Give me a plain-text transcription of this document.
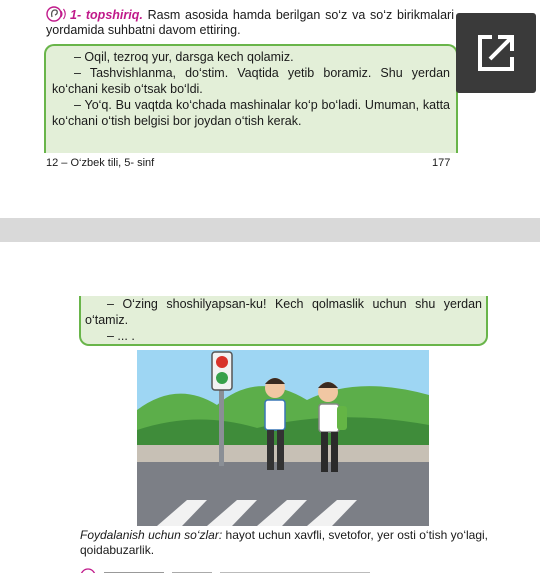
1- topshiriq. Rasm asosida hamda berilgan so‘z va so‘z birikmalari yordamida suhbatni davom ettiring.

– Oqil, tezroq yur, darsga kech qolamiz.

– Tashvishlanma, do‘stim. Vaqtida yetib boramiz. Shu yerdan ko‘chani kesib o‘tsak bo‘ldi.

– Yo‘q. Bu vaqtda ko‘chada mashinalar ko‘p bo‘ladi. Umuman, katta ko‘chani o‘tish belgisi bor joydan o‘tish kerak.

12 – O‘zbek tili, 5- sinf	177

– O‘zing shoshilyapsan-ku! Kech qolmaslik uchun shu yerdan o‘tamiz.

– ... .

Foydalanish uchun so‘zlar: hayot uchun xavfli, svetofor, yer osti o‘tish yo‘lagi, qoidabuzarlik.
